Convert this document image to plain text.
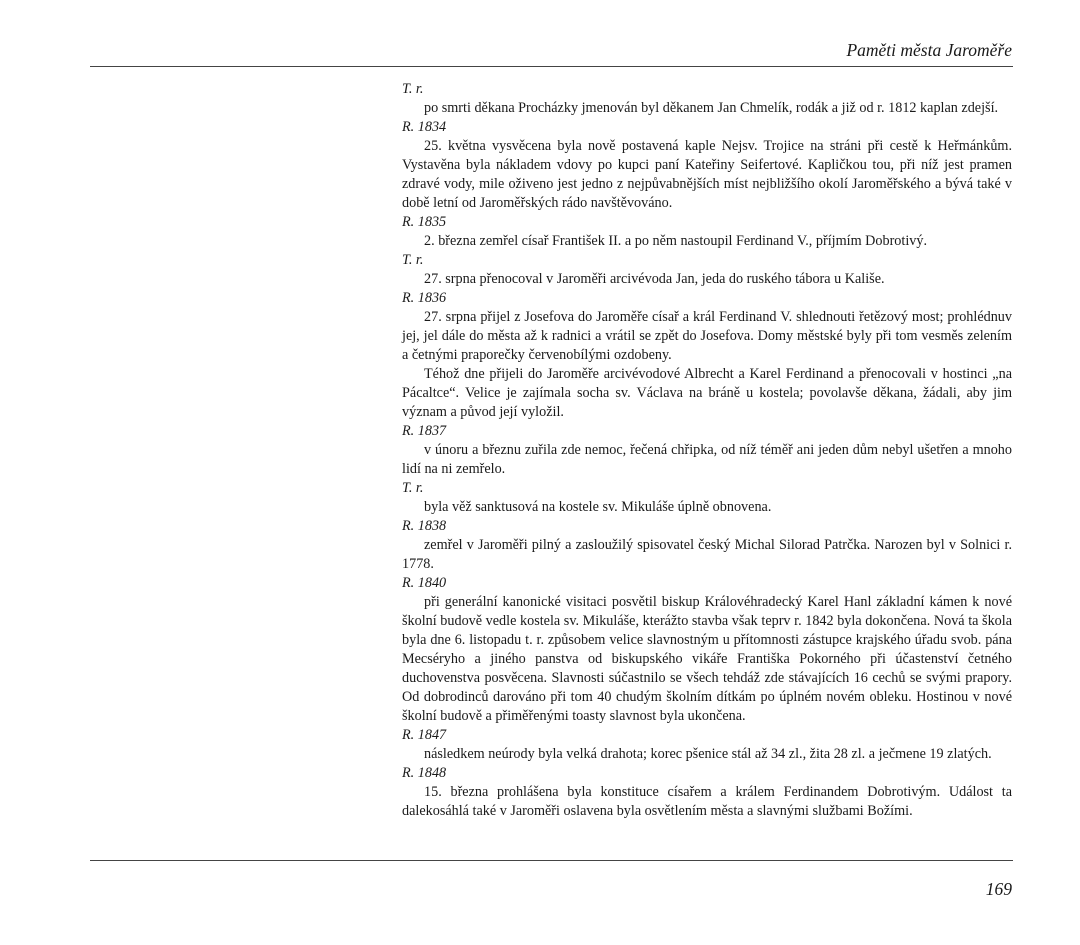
Paměti města Jaroměře

T. r.

po smrti děkana Procházky jmenován byl děkanem Jan Chmelík, rodák a již od r. 1812 kaplan zdejší.

R. 1834

25. května vysvěcena byla nově postavená kaple Nejsv. Trojice na stráni při cestě k Heřmánkům. Vystavěna byla nákladem vdovy po kupci paní Kateřiny Seifertové. Kapličkou tou, při níž jest pramen zdravé vody, mile oživeno jest jedno z nejpůvabnějších míst nejbližšího okolí Jaroměřského a bývá také v době letní od Jaroměřských rádo navštěvováno.

R. 1835

2. března zemřel císař František II. a po něm nastoupil Ferdinand V., příjmím Dobrotivý.

T. r.

27. srpna přenocoval v Jaroměři arcivévoda Jan, jeda do ruského tábora u Kališe.

R. 1836

27. srpna přijel z Josefova do Jaroměře císař a král Ferdinand V. shlednouti řetězový most; prohlédnuv jej, jel dále do města až k radnici a vrátil se zpět do Josefova. Domy městské byly při tom vesměs zelením a četnými praporečky červenobílými ozdobeny.

Téhož dne přijeli do Jaroměře arcivévodové Albrecht a Karel Ferdinand a přenocovali v hostinci „na Pácaltce“. Velice je zajímala socha sv. Václava na bráně u kostela; povolavše děkana, žádali, aby jim význam a původ její vyložil.

R. 1837

v únoru a březnu zuřila zde nemoc, řečená chřipka, od níž téměř ani jeden dům nebyl ušetřen a mnoho lidí na ni zemřelo.

T. r.

byla věž sanktusová na kostele sv. Mikuláše úplně obnovena.

R. 1838

zemřel v Jaroměři pilný a zasloužilý spisovatel český Michal Silorad Patrčka. Narozen byl v Solnici r. 1778.

R. 1840

při generální kanonické visitaci posvětil biskup Královéhradecký Karel Hanl základní kámen k nové školní budově vedle kostela sv. Mikuláše, kterážto stavba však teprv r. 1842 byla dokončena. Nová ta škola byla dne 6. listopadu t. r. způsobem velice slavnostným u přítomnosti zástupce krajského úřadu svob. pána Mecséryho a jiného panstva od biskupského vikáře Františka Pokorného při účastenství četného duchovenstva posvěcena. Slavnosti súčastnilo se všech tehdáž zde stávajících 16 cechů se svými prapory. Od dobrodinců darováno při tom 40 chudým školním dítkám po úplném novém obleku. Hostinou v nové školní budově a přiměřenými toasty slavnost byla ukončena.

R. 1847

následkem neúrody byla velká drahota; korec pšenice stál až 34 zl., žita 28 zl. a ječmene 19 zlatých.

R. 1848

15. března prohlášena byla konstituce císařem a králem Ferdinandem Dobrotivým. Událost ta dalekosáhlá také v Jaroměři oslavena byla osvětlením města a slavnými službami Božími.

169
